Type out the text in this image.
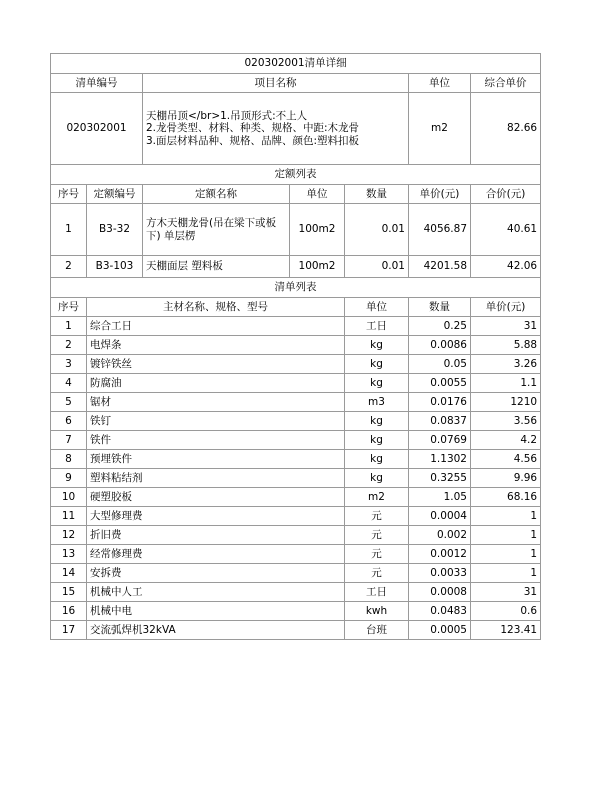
020302001清单详细							
清单编号		项目名称			单位	综合单价	
020302001		天棚吊顶</br>1.吊顶形式:不上人
2.龙骨类型、材料、种类、规格、中距:木龙骨
3.面层材料品种、规格、品牌、颜色:塑料扣板			m2	82.66	
定额列表							
序号	定额编号	定额名称	单位	数量	单价(元)	合价(元)	
1	B3-32	方木天棚龙骨(吊在梁下或板下) 单层楞	100m2	0.01	4056.87	40.61	
2	B3-103	天棚面层 塑料板	100m2	0.01	4201.58	42.06	
清单列表							
序号	主材名称、规格、型号			单位	数量	单价(元)	
1	综合工日			工日	0.25	31	
2	电焊条			kg	0.0086	5.88	
3	镀锌铁丝			kg	0.05	3.26	
4	防腐油			kg	0.0055	1.1	
5	锯材			m3	0.0176	1210	
6	铁钉			kg	0.0837	3.56	
7	铁件			kg	0.0769	4.2	
8	预埋铁件			kg	1.1302	4.56	
9	塑料粘结剂			kg	0.3255	9.96	
10	硬塑胶板			m2	1.05	68.16	
11	大型修理费			元	0.0004	1	
12	折旧费			元	0.002	1	
13	经常修理费			元	0.0012	1	
14	安拆费			元	0.0033	1	
15	机械中人工			工日	0.0008	31	
16	机械中电			kwh	0.0483	0.6	
17	交流弧焊机32kVA			台班	0.0005	123.41	
